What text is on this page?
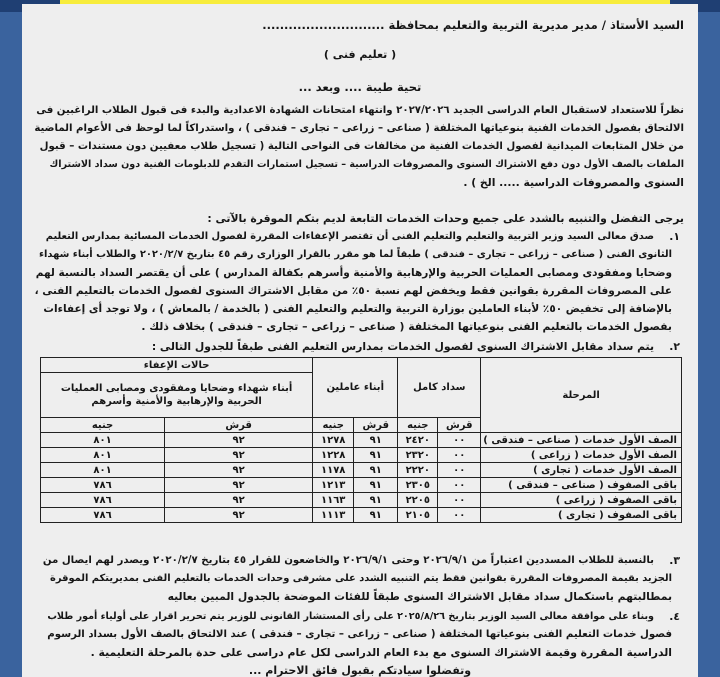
السيد الأستاذ / مدير مديرية التربية والتعليم بمحافظة ............................
( تعليم فنى )
تحية طيبة .... وبعد ...
نظراً للاستعداد لاستقبال العام الدراسى الجديد ٢٠٢٧/٢٠٢٦ وانتهاء امتحانات الشهادة الاعدادية والبدء فى قبول الطلاب الراغبين فى
الالتحاق بفصول الخدمات الفنية بنوعياتها المختلفة ( صناعى – زراعى – تجارى – فندقى ) ، واستدراكاً لما لوحظ فى الأعوام الماضية
من خلال المتابعات الميدانية لفصول الخدمات الفنية من مخالفات فى النواحى التالية ( تسجيل طلاب معفيين دون مستندات – قبول
الملفات بالصف الأول دون دفع الاشتراك السنوى والمصروفات الدراسية – تسجيل استمارات التقدم للدبلومات الفنية دون سداد الاشتراك
السنوى والمصروفات الدراسية ..... الخ ) .
يرجى التفضل والتنبيه بالشدد على جميع وحدات الخدمات التابعة لديم بتكم الموقرة بالآتى :
صدق معالى السيد وزير التربية والتعليم والتعليم الفنى أن تقتصر الإعفاءات المقررة لفصول الخدمات المسائية بمدارس التعليم ١.
الثانوى الفنى ( صناعى – زراعى – تجارى – فندقى ) طبقاً لما هو مقرر بالقرار الوزارى رقم ٤٥ بتاريخ ٢٠٢٠/٢/٧ والطلاب أبناء شهداء
وضحايا ومفقودى ومصابى العمليات الحربية والإرهابية والأمنية وأسرهم بكفالة المدارس ) على أن يقتصر السداد بالنسبة لهم
على المصروفات المقررة بقوانين فقط ويخفض لهم نسبة ٥٠٪ من مقابل الاشتراك السنوى لفصول الخدمات بالتعليم الفنى ،
بالإضافة إلى تخفيض ٥٠٪ لأبناء العاملين بوزارة التربية والتعليم والتعليم الفنى ( بالخدمة / بالمعاش ) ، ولا توجد أى إعفاءات
بفصول الخدمات بالتعليم الفنى بنوعياتها المختلفة ( صناعى – زراعى – تجارى – فندقى ) بخلاف ذلك .
٢.
يتم سداد مقابل الاشتراك السنوى لفصول الخدمات بمدارس التعليم الفنى طبقاً للجدول التالى :
المرحلة	سداد كامل		أبناء عاملين		حالات الإعفاء	
					أبناء شهداء وضحايا ومفقودى ومصابى العمليات الحربية والإرهابية والأمنية وأسرهم	
	قرش	جنيه	قرش	جنيه	قرش	جنيه
الصف الأول خدمات ( صناعى – فندقى )	٠٠	٢٤٢٠	٩١	١٢٧٨	٩٢	٨٠١
الصف الأول خدمات ( زراعى )	٠٠	٢٣٢٠	٩١	١٢٢٨	٩٢	٨٠١
الصف الأول خدمات ( تجارى )	٠٠	٢٢٢٠	٩١	١١٧٨	٩٢	٨٠١
باقى الصفوف ( صناعى – فندقى )	٠٠	٢٣٠٥	٩١	١٢١٣	٩٢	٧٨٦
باقى الصفوف ( زراعى )	٠٠	٢٢٠٥	٩١	١١٦٣	٩٢	٧٨٦
باقى الصفوف ( تجارى )	٠٠	٢١٠٥	٩١	١١١٣	٩٢	٧٨٦
٣.
بالنسبة للطلاب المسددين اعتباراً من ٢٠٢٦/٩/١ وحتى ٢٠٢٦/٩/١ والخاضعون للقرار ٤٥ بتاريخ ٢٠٢٠/٢/٧ ويصدر لهم ايصال من
الجزيد بقيمة المصروفات المقررة بقوانين فقط يتم التنبيه الشدد على مشرفى وحدات الخدمات بالتعليم الفنى بمديريتكم الموقرة
بمطالبتهم باستكمال سداد مقابل الاشتراك السنوى طبقاً للفئات الموضحة بالجدول المبين بعاليه
٤.
وبناء على موافقة معالى السيد الوزير بتاريخ ٢٠٢٥/٨/٢٦ على رأى المستشار القانونى للوزير يتم تحرير اقرار على أولياء أمور طلاب
فصول خدمات التعليم الفنى بنوعياتها المختلفة ( صناعى – زراعى – تجارى – فندقى ) عند الالتحاق بالصف الأول بسداد الرسوم
الدراسية المقررة وقيمة الاشتراك السنوى مع بدء العام الدراسى لكل عام دراسى على حدة بالمرحلة التعليمية .
وتفضلوا سيادتكم بقبول فائق الاحترام ...
